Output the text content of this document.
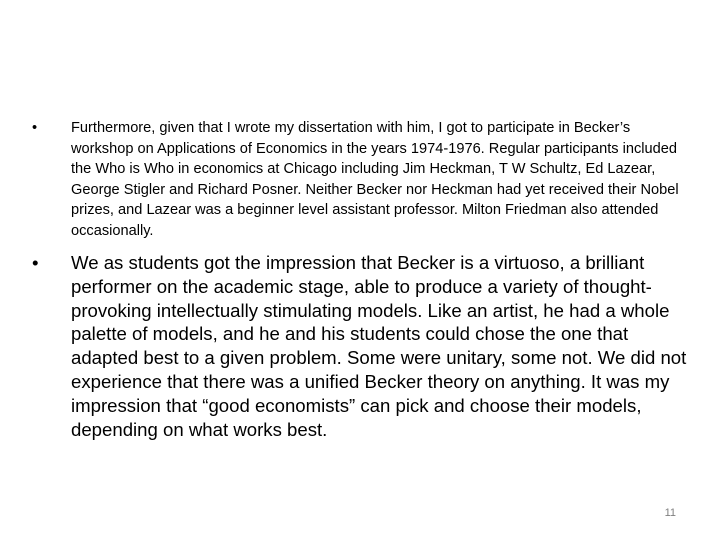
•	Furthermore, given that I wrote my dissertation with him, I got to participate in Becker’s workshop on Applications of Economics in the years 1974-1976. Regular participants included the Who is Who in economics at Chicago including Jim Heckman, T W Schultz, Ed Lazear, George Stigler and Richard Posner. Neither Becker nor Heckman had yet received their Nobel prizes, and Lazear was a beginner level assistant professor. Milton Friedman also attended occasionally.

•	We as students got the impression that Becker is a virtuoso, a brilliant performer on the academic stage, able to produce a variety of thought-provoking intellectually stimulating models. Like an artist, he had a whole palette of models, and he and his students could chose the one that adapted best to a given problem. Some were unitary, some not. We did not experience that there was a unified Becker theory on anything. It was my impression that “good economists” can pick and choose their models, depending on what works best.

11
